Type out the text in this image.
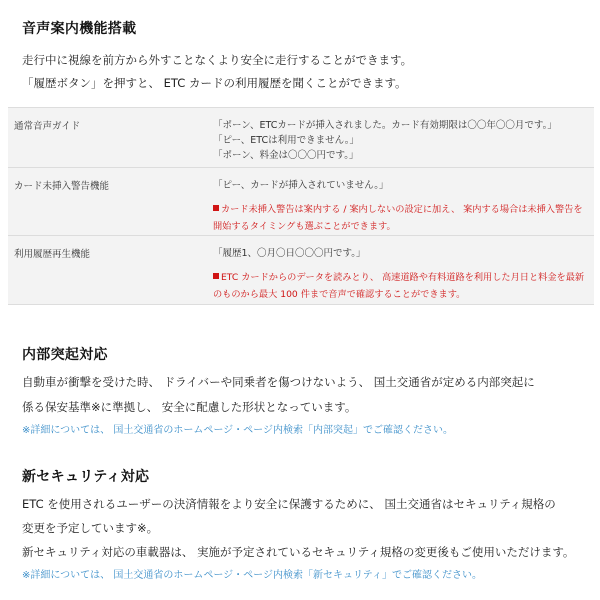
音声案内機能搭載

走行中に視線を前方から外すことなくより安全に走行することができます。

「履歴ボタン」を押すと、 ETC カードの利用履歴を聞くことができます。

通常音声ガイド	「ポーン、ETCカードが挿入されました。カード有効期限は〇〇年〇〇月です。」
「ピー、ETCは利用できません。」
「ポーン、料金は〇〇〇円です。」
カード未挿入警告機能	「ピー、カードが挿入されていません。」
カード未挿入警告は案内する / 案内しないの設定に加え、 案内する場合は未挿入警告を開始するタイミングも選ぶことができます。
利用履歴再生機能	「履歴1、〇月〇日〇〇〇円です。」
ETC カードからのデータを読みとり、 高速道路や有料道路を利用した月日と料金を最新のものから最大 100 件まで音声で確認することができます。
内部突起対応

自動車が衝撃を受けた時、 ドライバーや同乗者を傷つけないよう、 国土交通省が定める内部突起に

係る保安基準※に準拠し、 安全に配慮した形状となっています。

※詳細については、 国土交通省のホームページ・ページ内検索「内部突起」でご確認ください。

新セキュリティ対応

ETC を使用されるユーザーの決済情報をより安全に保護するために、 国土交通省はセキュリティ規格の

変更を予定しています※。

新セキュリティ対応の車載器は、 実施が予定されているセキュリティ規格の変更後もご使用いただけます。

※詳細については、 国土交通省のホームページ・ページ内検索「新セキュリティ」でご確認ください。
